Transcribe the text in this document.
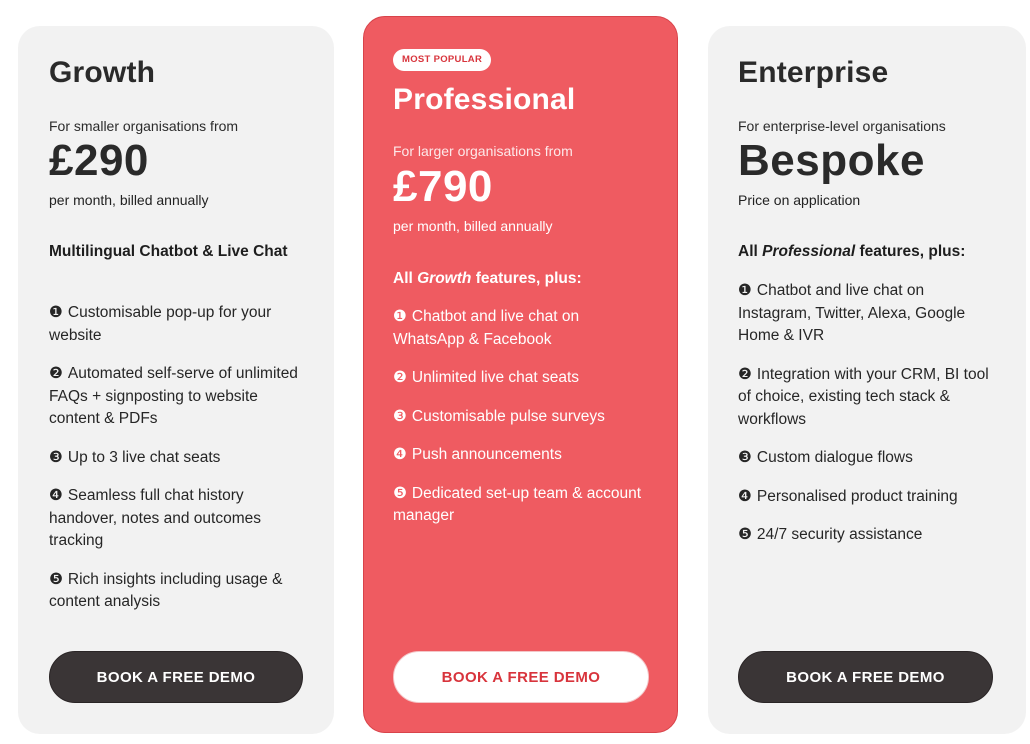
Growth
For smaller organisations from
£290
per month, billed annually
Multilingual Chatbot & Live Chat
❶ Customisable pop-up for your website
❷ Automated self-serve of unlimited FAQs + signposting to website content & PDFs
❸ Up to 3 live chat seats
❹ Seamless full chat history handover, notes and outcomes tracking
❺ Rich insights including usage & content analysis
BOOK A FREE DEMO
MOST POPULAR
Professional
For larger organisations from
£790
per month, billed annually
All Growth features, plus:
❶ Chatbot and live chat on WhatsApp & Facebook
❷ Unlimited live chat seats
❸ Customisable pulse surveys
❹ Push announcements
❺ Dedicated set-up team & account manager
BOOK A FREE DEMO
Enterprise
For enterprise-level organisations
Bespoke
Price on application
All Professional features, plus:
❶ Chatbot and live chat on Instagram, Twitter, Alexa, Google Home & IVR
❷ Integration with your CRM, BI tool of choice, existing tech stack & workflows
❸ Custom dialogue flows
❹ Personalised product training
❺ 24/7 security assistance
BOOK A FREE DEMO
